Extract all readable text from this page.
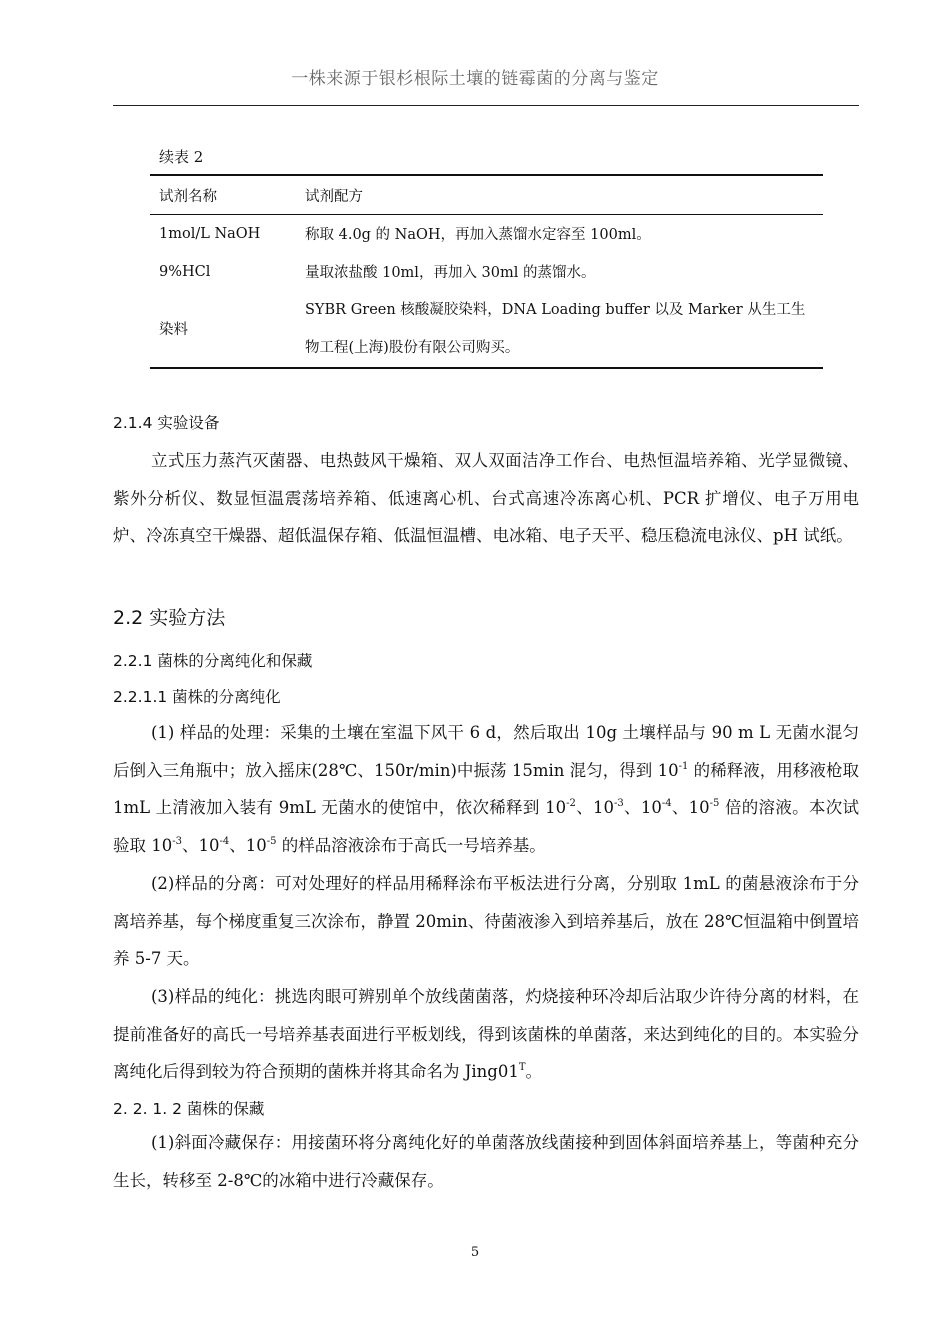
一株来源于银杉根际土壤的链霉菌的分离与鉴定
续表 2
试剂名称	试剂配方
1mol/L NaOH	称取 4.0g 的 NaOH，再加入蒸馏水定容至 100ml。
9%HCl	量取浓盐酸 10ml，再加入 30ml 的蒸馏水。
染料	SYBR Green 核酸凝胶染料，DNA Loading buffer 以及 Marker 从生工生
物工程(上海)股份有限公司购买。
2.1.4 实验设备
立式压力蒸汽灭菌器、电热鼓风干燥箱、双人双面洁净工作台、电热恒温培养箱、光学显微镜、紫外分析仪、数显恒温震荡培养箱、低速离心机、台式高速冷冻离心机、PCR 扩增仪、电子万用电炉、冷冻真空干燥器、超低温保存箱、低温恒温槽、电冰箱、电子天平、稳压稳流电泳仪、pH 试纸。
2.2 实验方法
2.2.1 菌株的分离纯化和保藏
2.2.1.1 菌株的分离纯化
(1) 样品的处理：采集的土壤在室温下风干 6 d，然后取出 10g 土壤样品与 90 m L 无菌水混匀后倒入三角瓶中；放入摇床(28℃、150r/min)中振荡 15min 混匀，得到 $10^{-1}$ 的稀释液，用移液枪取 1mL 上清液加入装有 9mL 无菌水的使馆中，依次稀释到 $10^{-2}$、$10^{-3}$、$10^{-4}$、$10^{-5}$ 倍的溶液。本次试验取 $10^{-3}$、$10^{-4}$、$10^{-5}$ 的样品溶液涂布于高氏一号培养基。
(2)样品的分离：可对处理好的样品用稀释涂布平板法进行分离，分别取 1mL 的菌悬液涂布于分离培养基，每个梯度重复三次涂布，静置 20min、待菌液渗入到培养基后，放在 28℃恒温箱中倒置培养 5-7 天。
(3)样品的纯化：挑选肉眼可辨别单个放线菌菌落，灼烧接种环冷却后沾取少许待分离的材料，在提前准备好的高氏一号培养基表面进行平板划线，得到该菌株的单菌落，来达到纯化的目的。本实验分离纯化后得到较为符合预期的菌株并将其命名为 $Jing01^T$。
2. 2. 1. 2 菌株的保藏
(1)斜面冷藏保存：用接菌环将分离纯化好的单菌落放线菌接种到固体斜面培养基上，等菌种充分生长，转移至 2-8℃的冰箱中进行冷藏保存。
5
